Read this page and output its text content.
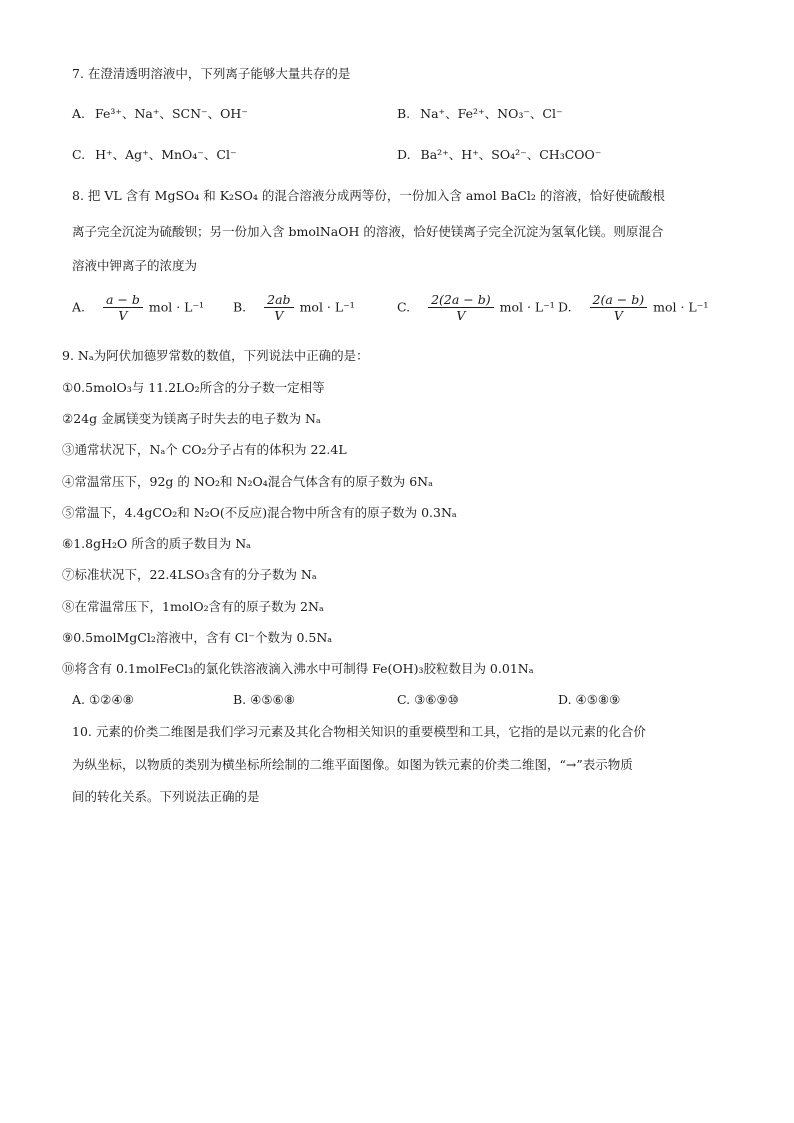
7. 在澄清透明溶液中，下列离子能够大量共存的是
A. Fe³⁺、Na⁺、SCN⁻、OH⁻	B. Na⁺、Fe²⁺、NO₃⁻、Cl⁻
C. H⁺、Ag⁺、MnO₄⁻、Cl⁻	D. Ba²⁺、H⁺、SO₄²⁻、CH₃COO⁻
8. 把 VL 含有 MgSO₄ 和 K₂SO₄ 的混合溶液分成两等份，一份加入含 amol BaCl₂ 的溶液，恰好使硫酸根
离子完全沉淀为硫酸钡；另一份加入含 bmolNaOH 的溶液，恰好使镁离子完全沉淀为氢氧化镁。则原混合
溶液中钾离子的浓度为
A. $\frac{a - b}{V}$ mol · L⁻¹ B. $\frac{2ab}{V}$ mol · L⁻¹	C. $\frac{2(2a - b)}{V}$ mol · L⁻¹ D. $\frac{2(a - b)}{V}$ mol · L⁻¹
9. Nₐ为阿伏加德罗常数的数值，下列说法中正确的是：
①0.5molO₃与 11.2LO₂所含的分子数一定相等
②24g 金属镁变为镁离子时失去的电子数为 Nₐ
③通常状况下，Nₐ个 CO₂分子占有的体积为 22.4L
④常温常压下，92g 的 NO₂和 N₂O₄混合气体含有的原子数为 6Nₐ
⑤常温下，4.4gCO₂和 N₂O(不反应)混合物中所含有的原子数为 0.3Nₐ
⑥1.8gH₂O 所含的质子数目为 Nₐ
⑦标准状况下，22.4LSO₃含有的分子数为 Nₐ
⑧在常温常压下，1molO₂含有的原子数为 2Nₐ
⑨0.5molMgCl₂溶液中，含有 Cl⁻个数为 0.5Nₐ
⑩将含有 0.1molFeCl₃的氯化铁溶液滴入沸水中可制得 Fe(OH)₃胶粒数目为 0.01Nₐ
A. ①②④⑧	B. ④⑤⑥⑧	C. ③⑥⑨⑩	D. ④⑤⑧⑨
10. 元素的价类二维图是我们学习元素及其化合物相关知识的重要模型和工具，它指的是以元素的化合价
为纵坐标，以物质的类别为横坐标所绘制的二维平面图像。如图为铁元素的价类二维图，“→”表示物质
间的转化关系。下列说法正确的是
